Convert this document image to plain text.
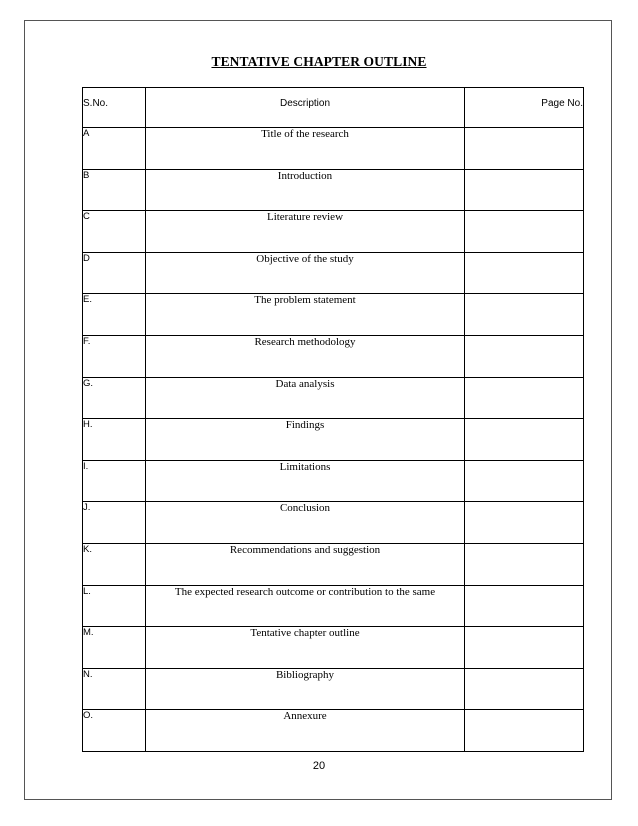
TENTATIVE CHAPTER OUTLINE
S.No.	Description	Page No.
A	Title of the research	
B	Introduction	
C	Literature review	
D	Objective of the study	
E.	The problem statement	
F.	Research methodology	
G.	Data analysis	
H.	Findings	
I.	Limitations	
J.	Conclusion	
K.	Recommendations and suggestion	
L.	The expected research outcome or contribution to the same	
M.	Tentative chapter outline	
N.	Bibliography	
O.	Annexure	
20
